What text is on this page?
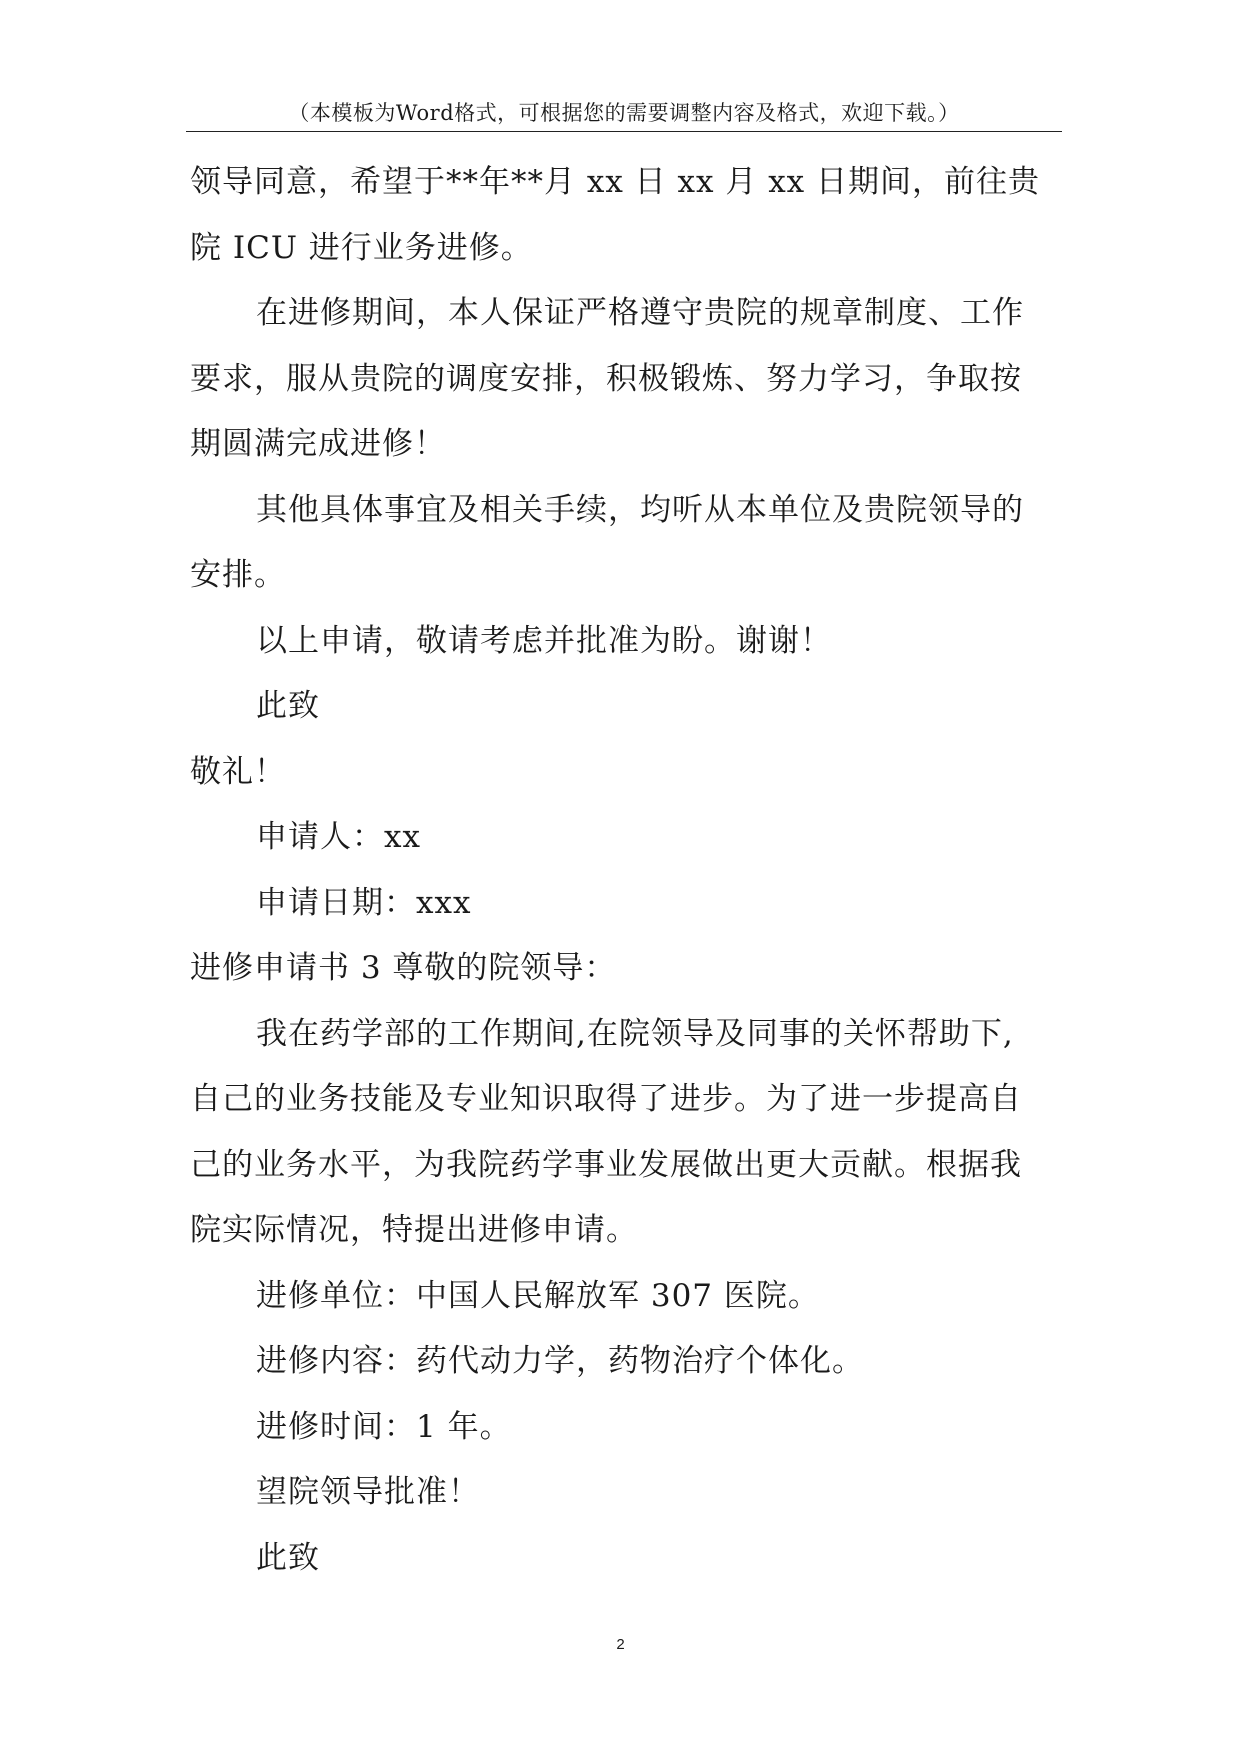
（本模板为Word格式，可根据您的需要调整内容及格式，欢迎下载。）
领导同意，希望于**年**月 xx 日 xx 月 xx 日期间，前往贵
院 ICU 进行业务进修。
在进修期间，本人保证严格遵守贵院的规章制度、工作
要求，服从贵院的调度安排，积极锻炼、努力学习，争取按
期圆满完成进修！
其他具体事宜及相关手续，均听从本单位及贵院领导的
安排。
以上申请，敬请考虑并批准为盼。谢谢！
此致
敬礼！
申请人：xx
申请日期：xxx
进修申请书 3 尊敬的院领导：
我在药学部的工作期间,在院领导及同事的关怀帮助下,
自己的业务技能及专业知识取得了进步。为了进一步提高自
己的业务水平，为我院药学事业发展做出更大贡献。根据我
院实际情况，特提出进修申请。
进修单位：中国人民解放军 307 医院。
进修内容：药代动力学，药物治疗个体化。
进修时间：1 年。
望院领导批准！
此致
2
